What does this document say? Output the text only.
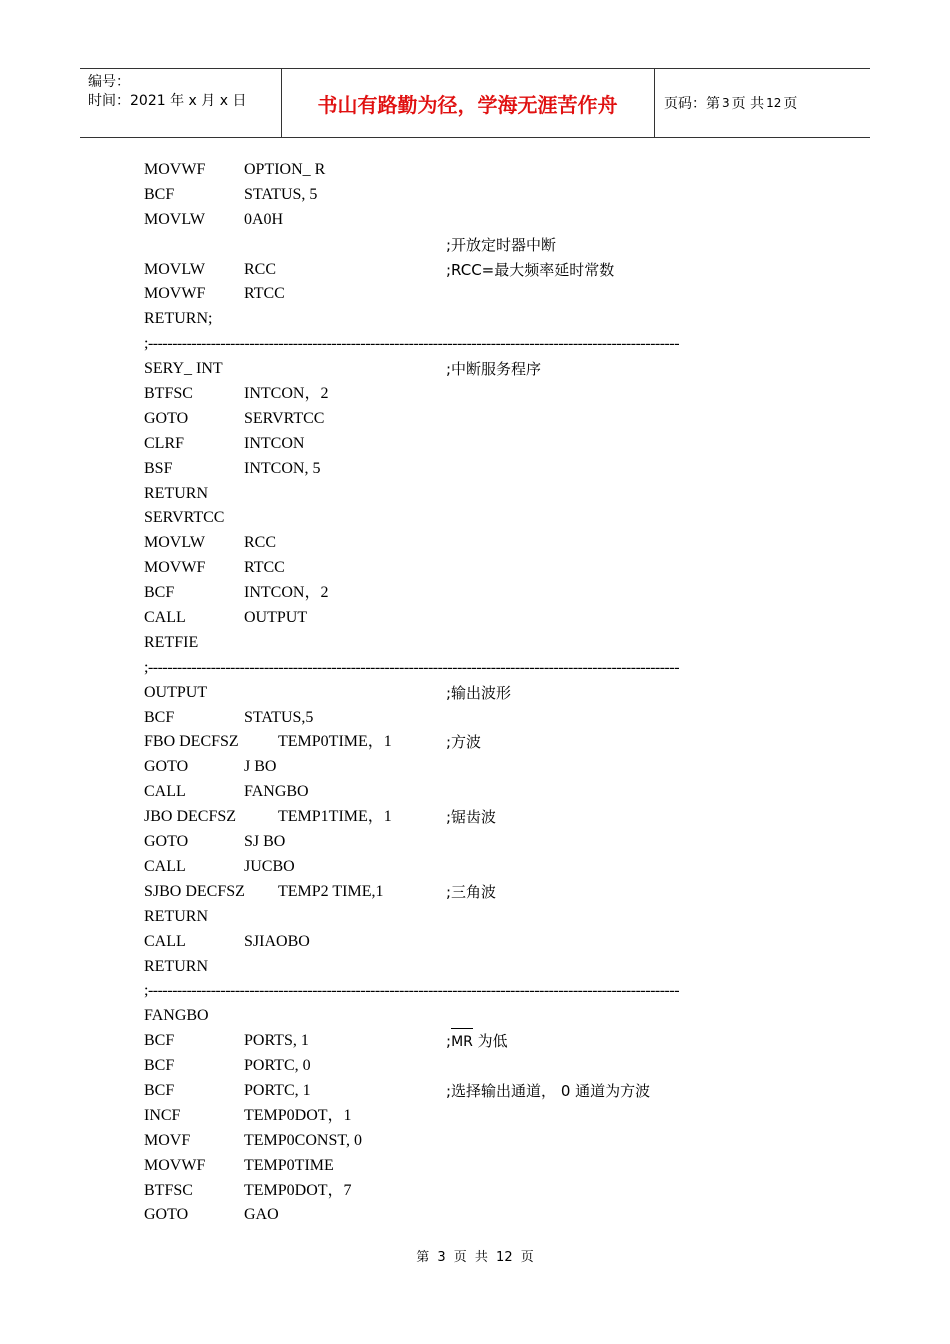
编号：
时间：2021 年 x 月 x 日	书山有路勤为径，学海无涯苦作舟	页码：第 3 页 共 12 页
MOVWF OPTION_ R
BCF	STATUS, 5
MOVLW 0A0H
;开放定时器中断
MOVLW RCC	;RCC=最大频率延时常数
MOVWF RTCC
RETURN;
;--------------------------------------------------------------------------------------------------------------
SERY_ INT	;中断服务程序
BTFSC	INTCON，2
GOTO	SERVRTCC
CLRF	INTCON
BSF	INTCON, 5
RETURN
SERVRTCC
MOVLW RCC
MOVWF RTCC
BCF	INTCON，2
CALL	OUTPUT
RETFIE
;--------------------------------------------------------------------------------------------------------------
OUTPUT	;输出波形
BCF	STATUS,5
FBO DECFSZ TEMP0TIME，1	;方波
GOTO	J BO
CALL	FANGBO
JBO DECFSZ	TEMP1TIME，1	;锯齿波
GOTO	SJ BO
CALL	JUCBO
SJBO DECFSZ TEMP2 TIME,1	;三角波
RETURN
CALL	SJIAOBO
RETURN
;--------------------------------------------------------------------------------------------------------------
FANGBO
BCF	PORTS, 1	;MR 为低
BCF	PORTC, 0
BCF	PORTC, 1	;选择输出通道， 0 通道为方波
INCF	TEMP0DOT，1
MOVF	TEMP0CONST, 0
MOVWF TEMP0TIME
BTFSC	TEMP0DOT，7
GOTO	GAO
第 3 页 共 12 页
